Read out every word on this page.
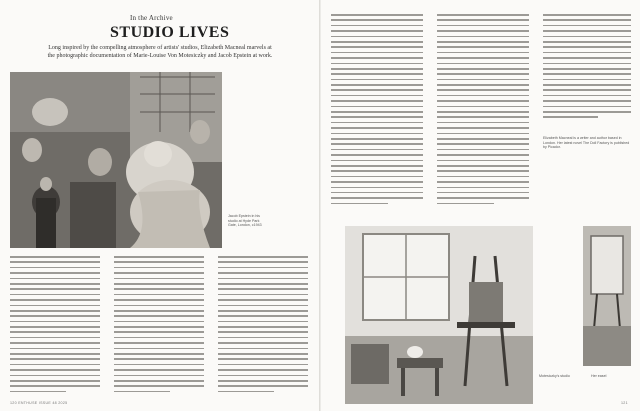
In the Archive
STUDIO LIVES
Long inspired by the compelling atmosphere of artists' studios, Elizabeth Macneal marvels at the photographic documentation of Marie-Louise Von Motesiczky and Jacob Epstein at work.
Jacob Epstein in his studio at Hyde Park Gate, London, c1943
120 ENTHUSE ISSUE 48 2025
Elizabeth Macneal is a writer and author based in London. Her latest novel The Doll Factory is published by Picador.
Motesiczky's studio	Her easel
121
